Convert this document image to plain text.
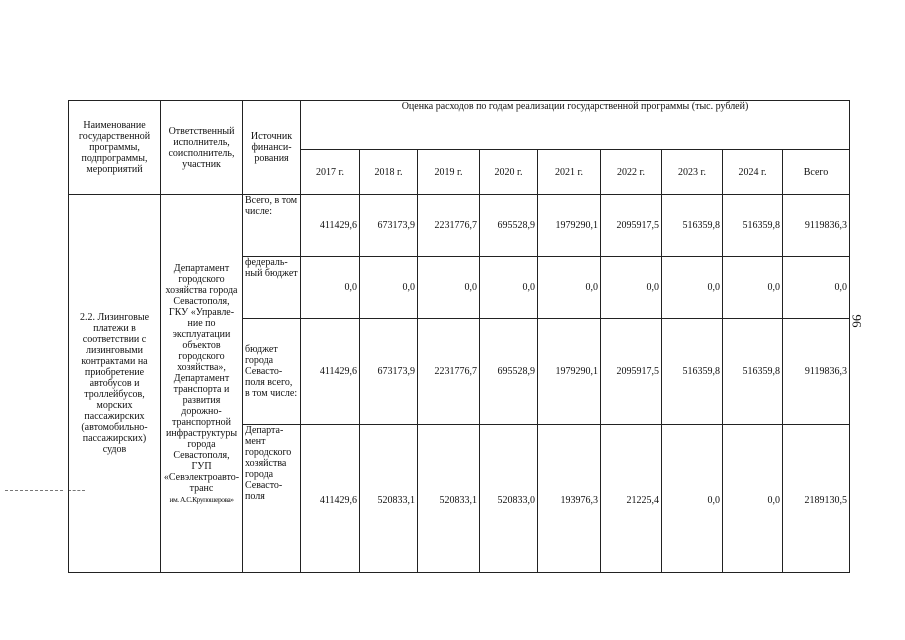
Наименование государственной программы, подпрограммы, мероприятий	Ответственный исполнитель, соисполнитель, участник	Источник финанси-рования	Оценка расходов по годам реализации государственной программы (тыс. рублей)								
			2017 г.	2018 г.	2019 г.	2020 г.	2021 г.	2022 г.	2023 г.	2024 г.	Всего
2.2. Лизинговые платежи в соответствии с лизинговыми контрактами на приобретение автобусов и троллейбусов, морских пассажирских (автомобильно-пассажирских) судов	Департамент городского хозяйства города Севастополя, ГКУ «Управле-ние по эксплуатации объектов городского хозяйства», Департамент транспорта и развития дорожно-транспортной инфраструктуры города Севастополя, ГУП «Севэлектроавто-транс
им. А.С.Крупошерова»	Всего, в том числе:	411429,6	673173,9	2231776,7	695528,9	1979290,1	2095917,5	516359,8	516359,8	9119836,3
		федераль-ный бюджет	0,0	0,0	0,0	0,0	0,0	0,0	0,0	0,0	0,0
		бюджет города Севасто-поля всего, в том числе:	411429,6	673173,9	2231776,7	695528,9	1979290,1	2095917,5	516359,8	516359,8	9119836,3
		Департа-мент городского хозяйства города Севасто-поля	411429,6	520833,1	520833,1	520833,0	193976,3	21225,4	0,0	0,0	2189130,5
96
